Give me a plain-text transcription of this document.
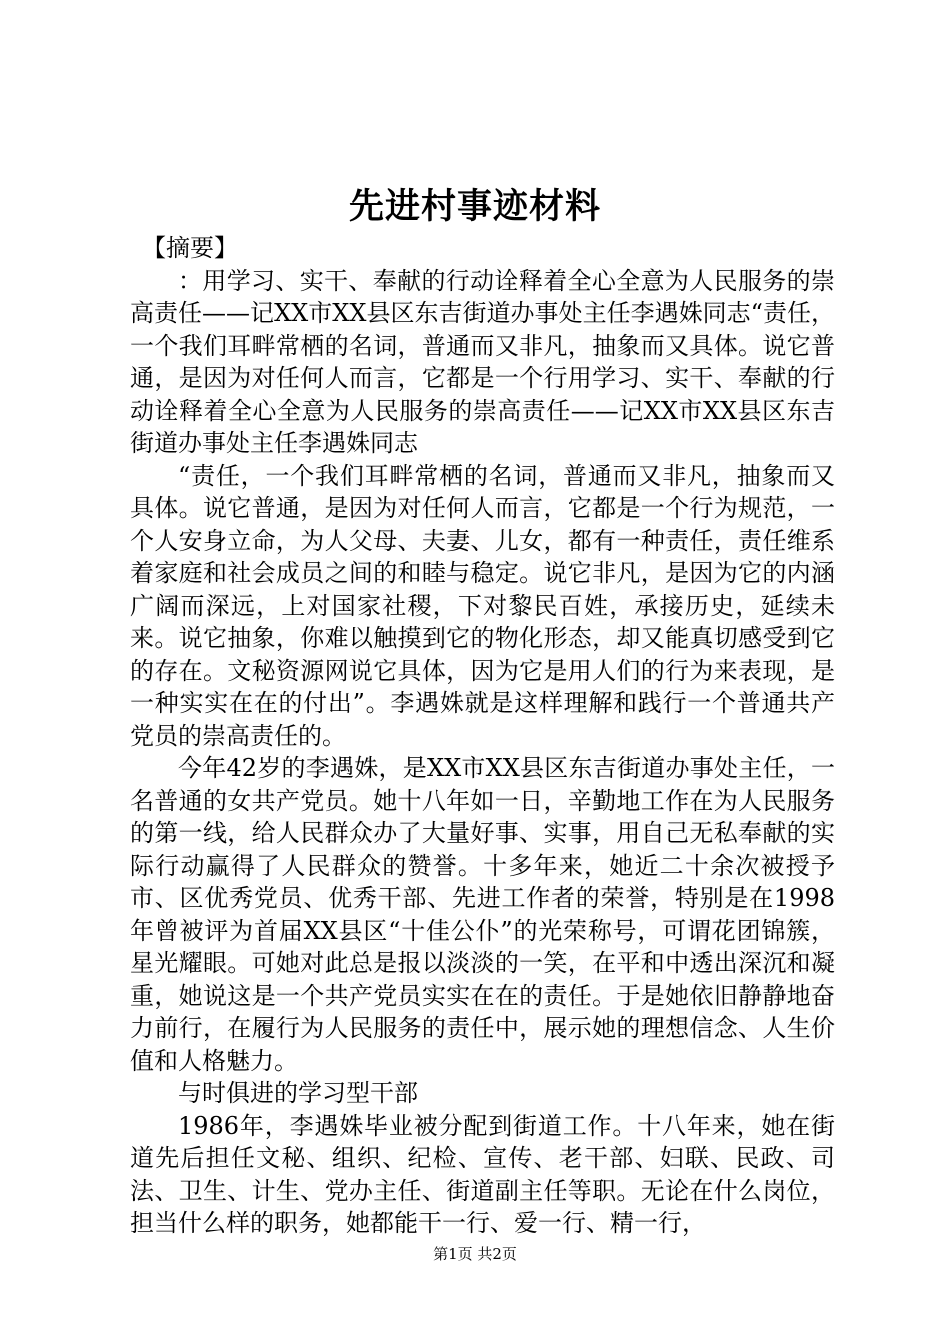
先进村事迹材料

【摘要】

：用学习、实干、奉献的行动诠释着全心全意为人民服务的崇高责任——记XX市XX县区东吉街道办事处主任李遇姝同志“责任，一个我们耳畔常栖的名词，普通而又非凡，抽象而又具体。说它普通，是因为对任何人而言，它都是一个行用学习、实干、奉献的行动诠释着全心全意为人民服务的崇高责任——记XX市XX县区东吉街道办事处主任李遇姝同志

“责任，一个我们耳畔常栖的名词，普通而又非凡，抽象而又具体。说它普通，是因为对任何人而言，它都是一个行为规范，一个人安身立命，为人父母、夫妻、儿女，都有一种责任，责任维系着家庭和社会成员之间的和睦与稳定。说它非凡，是因为它的内涵广阔而深远，上对国家社稷，下对黎民百姓，承接历史，延续未来。说它抽象，你难以触摸到它的物化形态，却又能真切感受到它的存在。文秘资源网说它具体，因为它是用人们的行为来表现，是一种实实在在的付出”。李遇姝就是这样理解和践行一个普通共产党员的崇高责任的。

今年42岁的李遇姝，是XX市XX县区东吉街道办事处主任，一名普通的女共产党员。她十八年如一日，辛勤地工作在为人民服务的第一线，给人民群众办了大量好事、实事，用自己无私奉献的实际行动赢得了人民群众的赞誉。十多年来，她近二十余次被授予市、区优秀党员、优秀干部、先进工作者的荣誉，特别是在1998年曾被评为首届XX县区“十佳公仆”的光荣称号，可谓花团锦簇，星光耀眼。可她对此总是报以淡淡的一笑，在平和中透出深沉和凝重，她说这是一个共产党员实实在在的责任。于是她依旧静静地奋力前行，在履行为人民服务的责任中，展示她的理想信念、人生价值和人格魅力。

与时俱进的学习型干部

1986年，李遇姝毕业被分配到街道工作。十八年来，她在街道先后担任文秘、组织、纪检、宣传、老干部、妇联、民政、司法、卫生、计生、党办主任、街道副主任等职。无论在什么岗位，担当什么样的职务，她都能干一行、爱一行、精一行，

第1页 共2页
